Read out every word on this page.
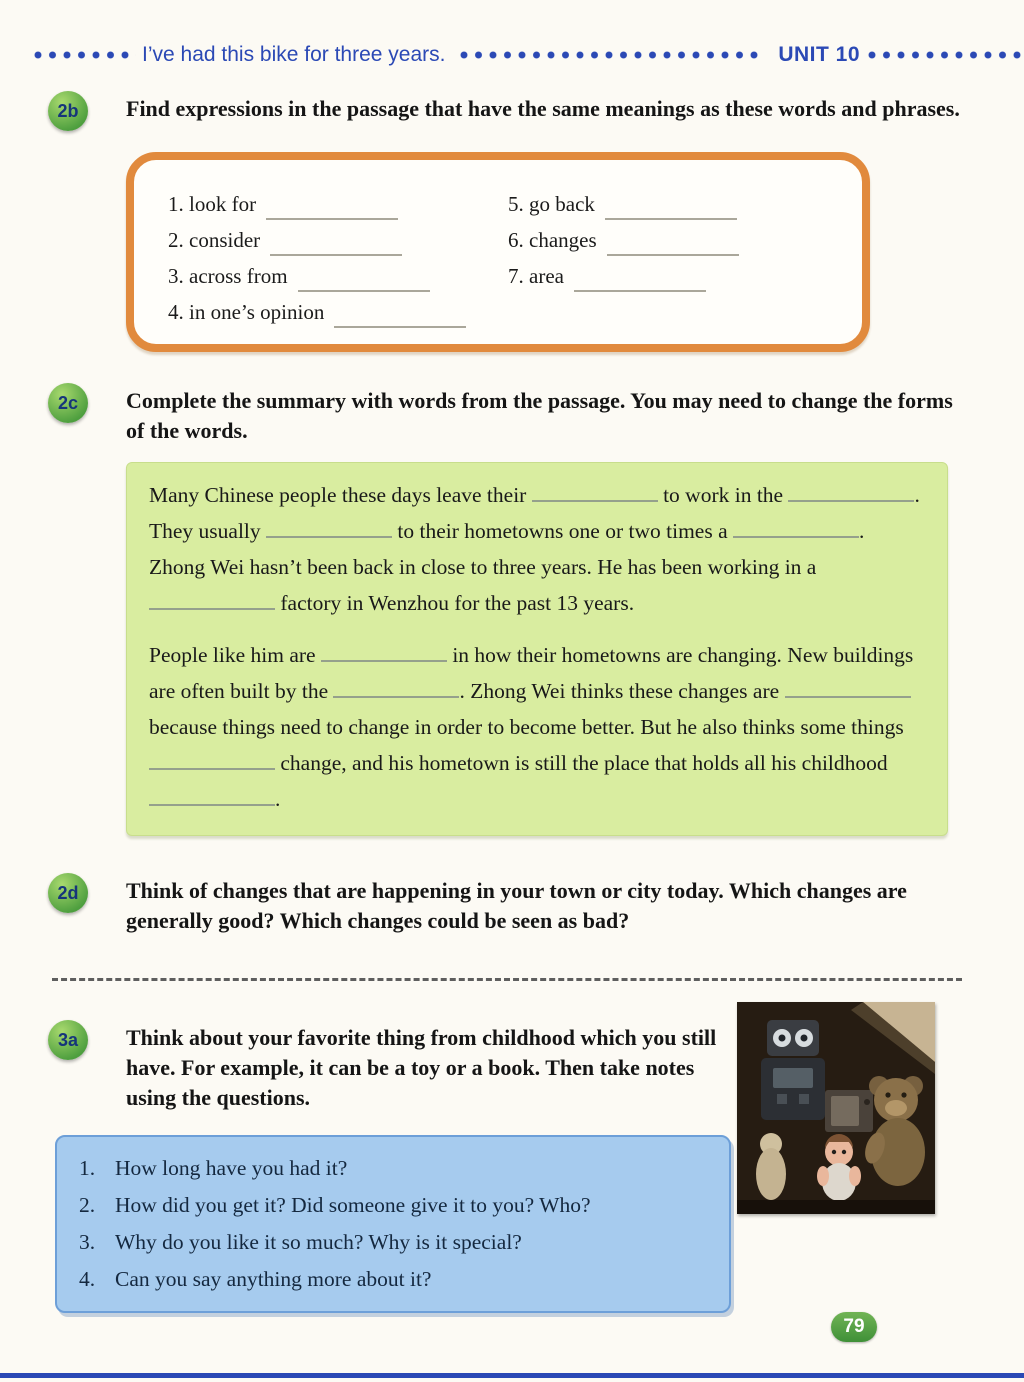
I’ve had this bike for three years.	UNIT 10
2b	Find expressions in the passage that have the same meanings as these words and phrases.

1. look for
2. consider
3. across from
4. in one’s opinion
5. go back
6. changes
7. area
2c	Complete the summary with words from the passage. You may need to change the forms of the words.

Many Chinese people these days leave their	to work in the	. They usually	to their hometowns one or two times a	. Zhong Wei hasn’t been back in close to three years. He has been working in a  factory in Wenzhou for the past 13 years.

People like him are	in how their hometowns are changing. New buildings are often built by the	. Zhong Wei thinks these changes are  because things need to change in order to become better. But he also thinks some things  change, and his hometown is still the place that holds all his childhood .

2d	Think of changes that are happening in your town or city today. Which changes are generally good? Which changes could be seen as bad?

3a	Think about your favorite thing from childhood which you still have. For example, it can be a toy or a book. Then take notes using the questions.

1. How long have you had it?
2. How did you get it? Did someone give it to you? Who?
3. Why do you like it so much? Why is it special?
4. Can you say anything more about it?
79
